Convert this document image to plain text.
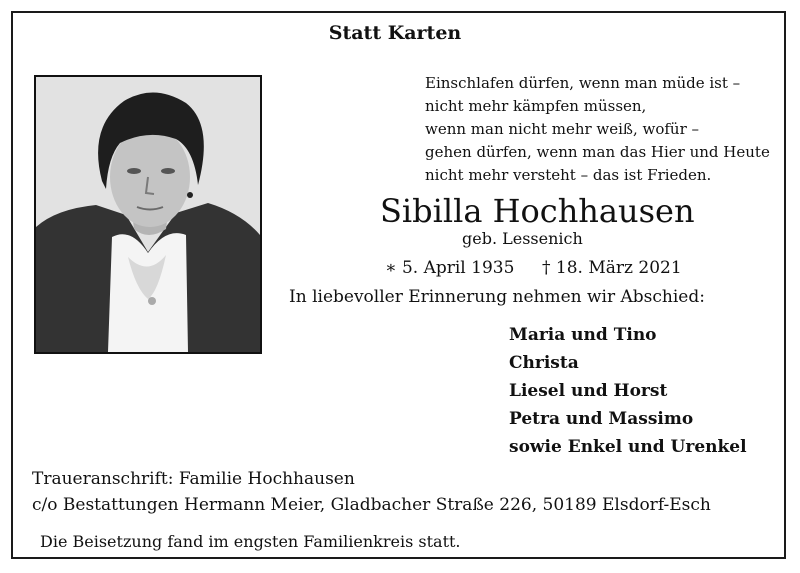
Statt Karten
Einschlafen dürfen, wenn man müde ist –
nicht mehr kämpfen müssen,
wenn man nicht mehr weiß, wofür –
gehen dürfen, wenn man das Hier und Heute
nicht mehr versteht – das ist Frieden.
Sibilla Hochhausen
geb. Lessenich
∗ 5. April 1935 † 18. März 2021
In liebevoller Erinnerung nehmen wir Abschied:
Maria und Tino
Christa
Liesel und Horst
Petra und Massimo
sowie Enkel und Urenkel
Traueranschrift: Familie Hochhausen
c/o Bestattungen Hermann Meier, Gladbacher Straße 226, 50189 Elsdorf-Esch
Die Beisetzung fand im engsten Familienkreis statt.
